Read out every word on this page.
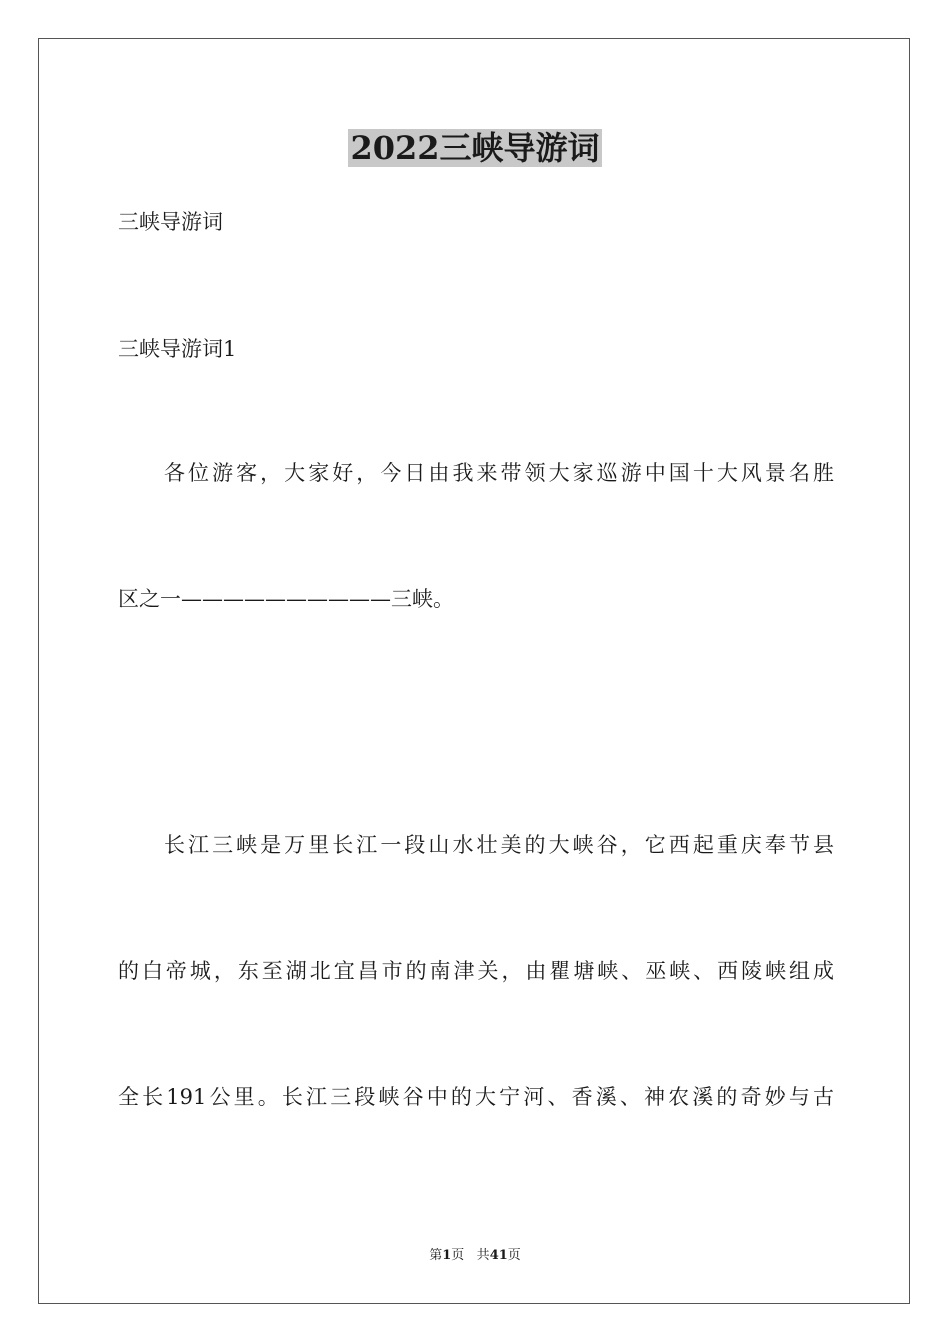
2022三峡导游词

三峡导游词

三峡导游词1

各位游客，大家好，今日由我来带领大家巡游中国十大风景名胜

区之一——————————三峡。

长江三峡是万里长江一段山水壮美的大峡谷，它西起重庆奉节县

的白帝城，东至湖北宜昌市的南津关，由瞿塘峡、巫峡、西陵峡组成

全长191公里。长江三段峡谷中的大宁河、香溪、神农溪的奇妙与古

第1页 共41页
